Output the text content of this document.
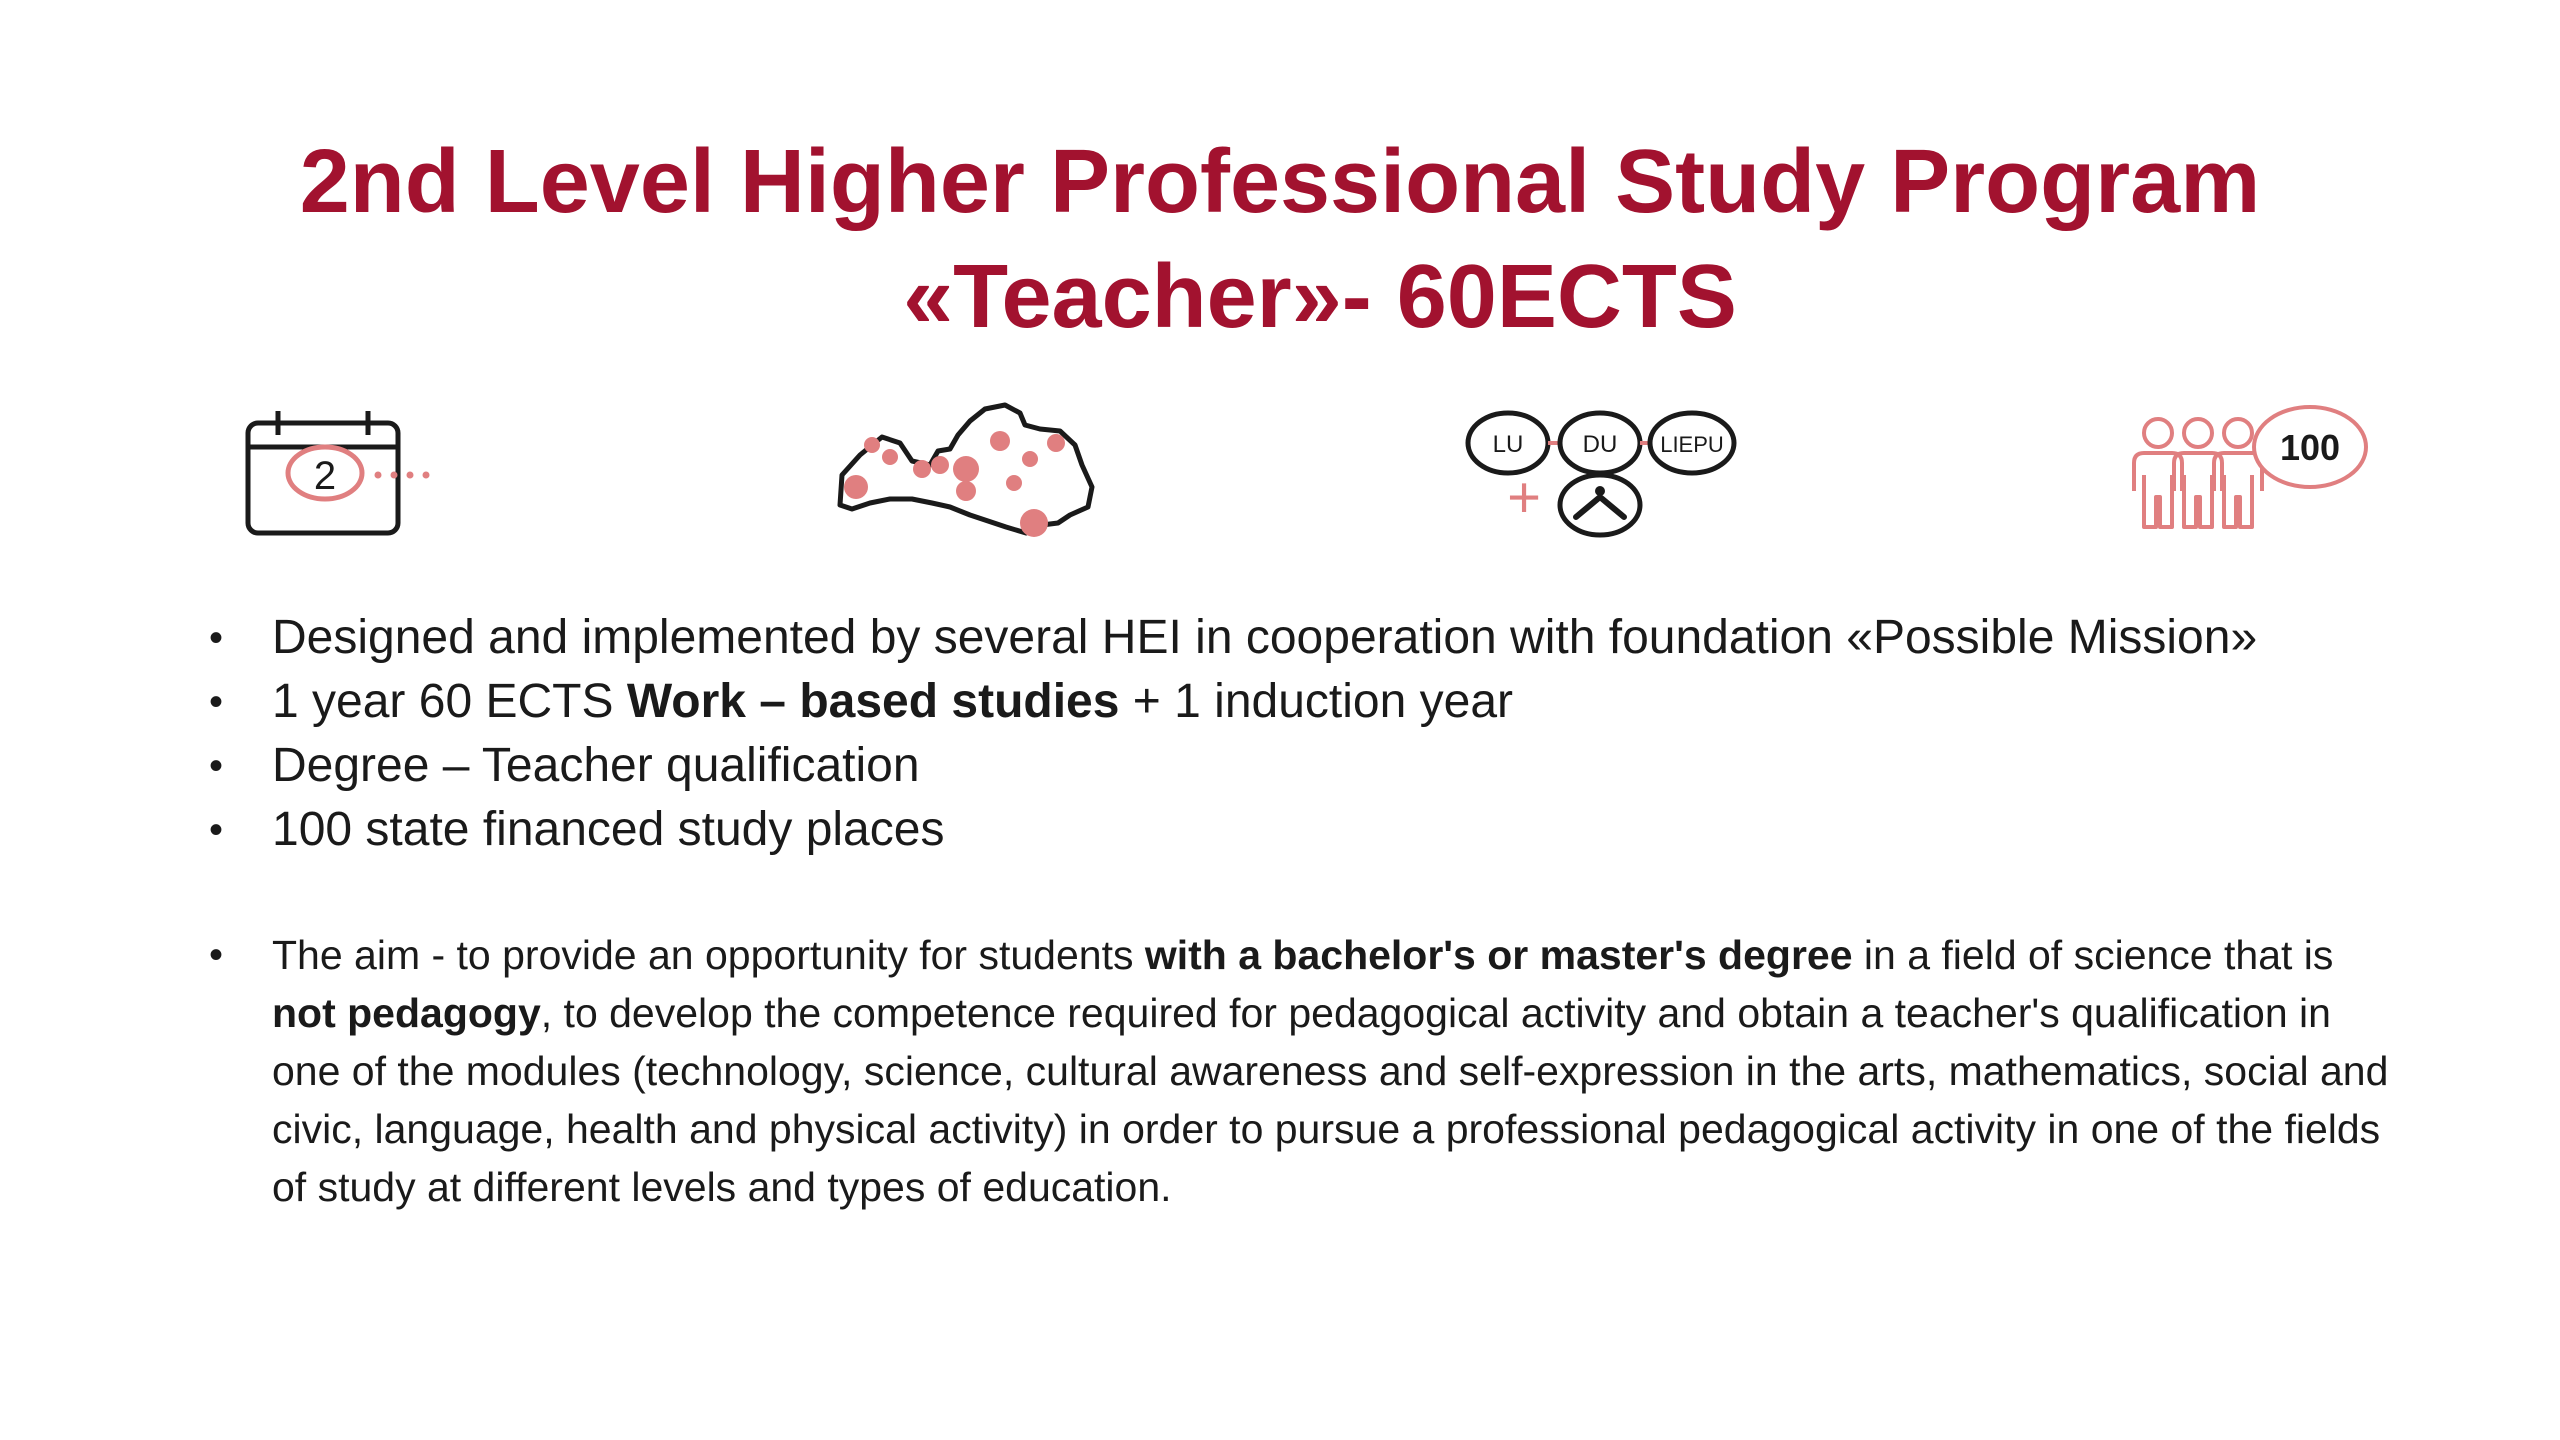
2nd Level Higher Professional Study Program
«Teacher»- 60ECTS
2
LU DU LIEPU
+
100
• Designed and implemented by several HEI in cooperation with foundation «Possible Mission»
• 1 year 60 ECTS Work – based studies + 1 induction year
• Degree – Teacher qualification
• 100 state financed study places
• The aim - to provide an opportunity for students with a bachelor's or master's degree in a field of science that is not pedagogy, to develop the competence required for pedagogical activity and obtain a teacher's qualification in one of the modules (technology, science, cultural awareness and self-expression in the arts, mathematics, social and civic, language, health and physical activity) in order to pursue a professional pedagogical activity in one of the fields of study at different levels and types of education.
